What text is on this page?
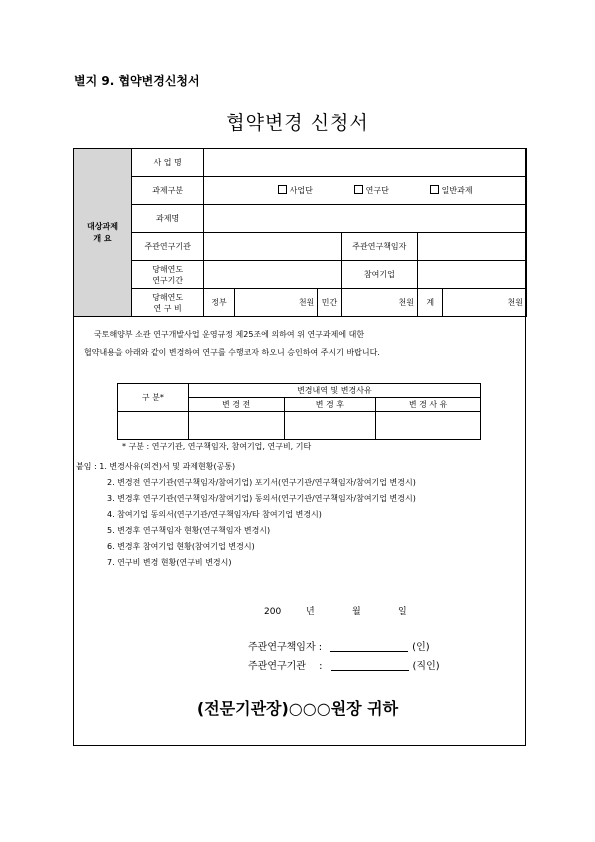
별지 9. 협약변경신청서
협약변경 신청서
대상과제
개 요	사 업 명						
	과제구분	사업단 연구단 일반과제					

	과제명						
	주관연구기관				주관연구책임자		

	당해연도
연구기간				참여기업		

	당해연도
연 구 비	정부	천원	민간	천원	계	천원
국토해양부 소관 연구개발사업 운영규정 제25조에 의하여 위 연구과제에 대한
협약내용을 아래와 같이 변경하여 연구를 수행코자 하오니 승인하여 주시기 바랍니다.
구 분*	변경내역 및 변경사유		
	변 경 전	변 경 후	변 경 사 유

* 구분 : 연구기관, 연구책임자, 참여기업, 연구비, 기타
붙임 : 1. 변경사유(의견)서 및 과제현황(공통)
2. 변경전 연구기관(연구책임자/참여기업) 포기서(연구기관/연구책임자/참여기업 변경시)
3. 변경후 연구기관(연구책임자/참여기업) 동의서(연구기관/연구책임자/참여기업 변경시)
4. 참여기업 동의서(연구기관/연구책임자/타 참여기업 변경시)
5. 변경후 연구책임자 현황(연구책임자 변경시)
6. 변경후 참여기업 현황(참여기업 변경시)
7. 연구비 변경 현황(연구비 변경시)
200	년	월	일
주관연구책임자 :	(인)
주관연구기관　 :	(직인)
(전문기관장)○○○원장 귀하
